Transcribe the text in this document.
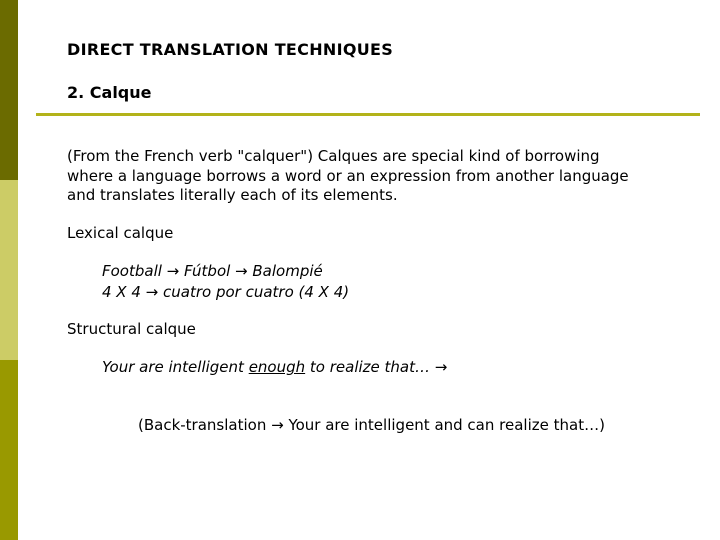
DIRECT TRANSLATION TECHNIQUES
2. Calque
(From the French verb "calquer") Calques are special kind of borrowing
where a language borrows a word or an expression from another language
and translates literally each of its elements.
Lexical calque
Football → Fútbol → Balompié
4 X 4 → cuatro por cuatro (4 X 4)
Structural calque
Your are intelligent enough to realize that… →
(Back-translation → Your are intelligent and can realize that…)
